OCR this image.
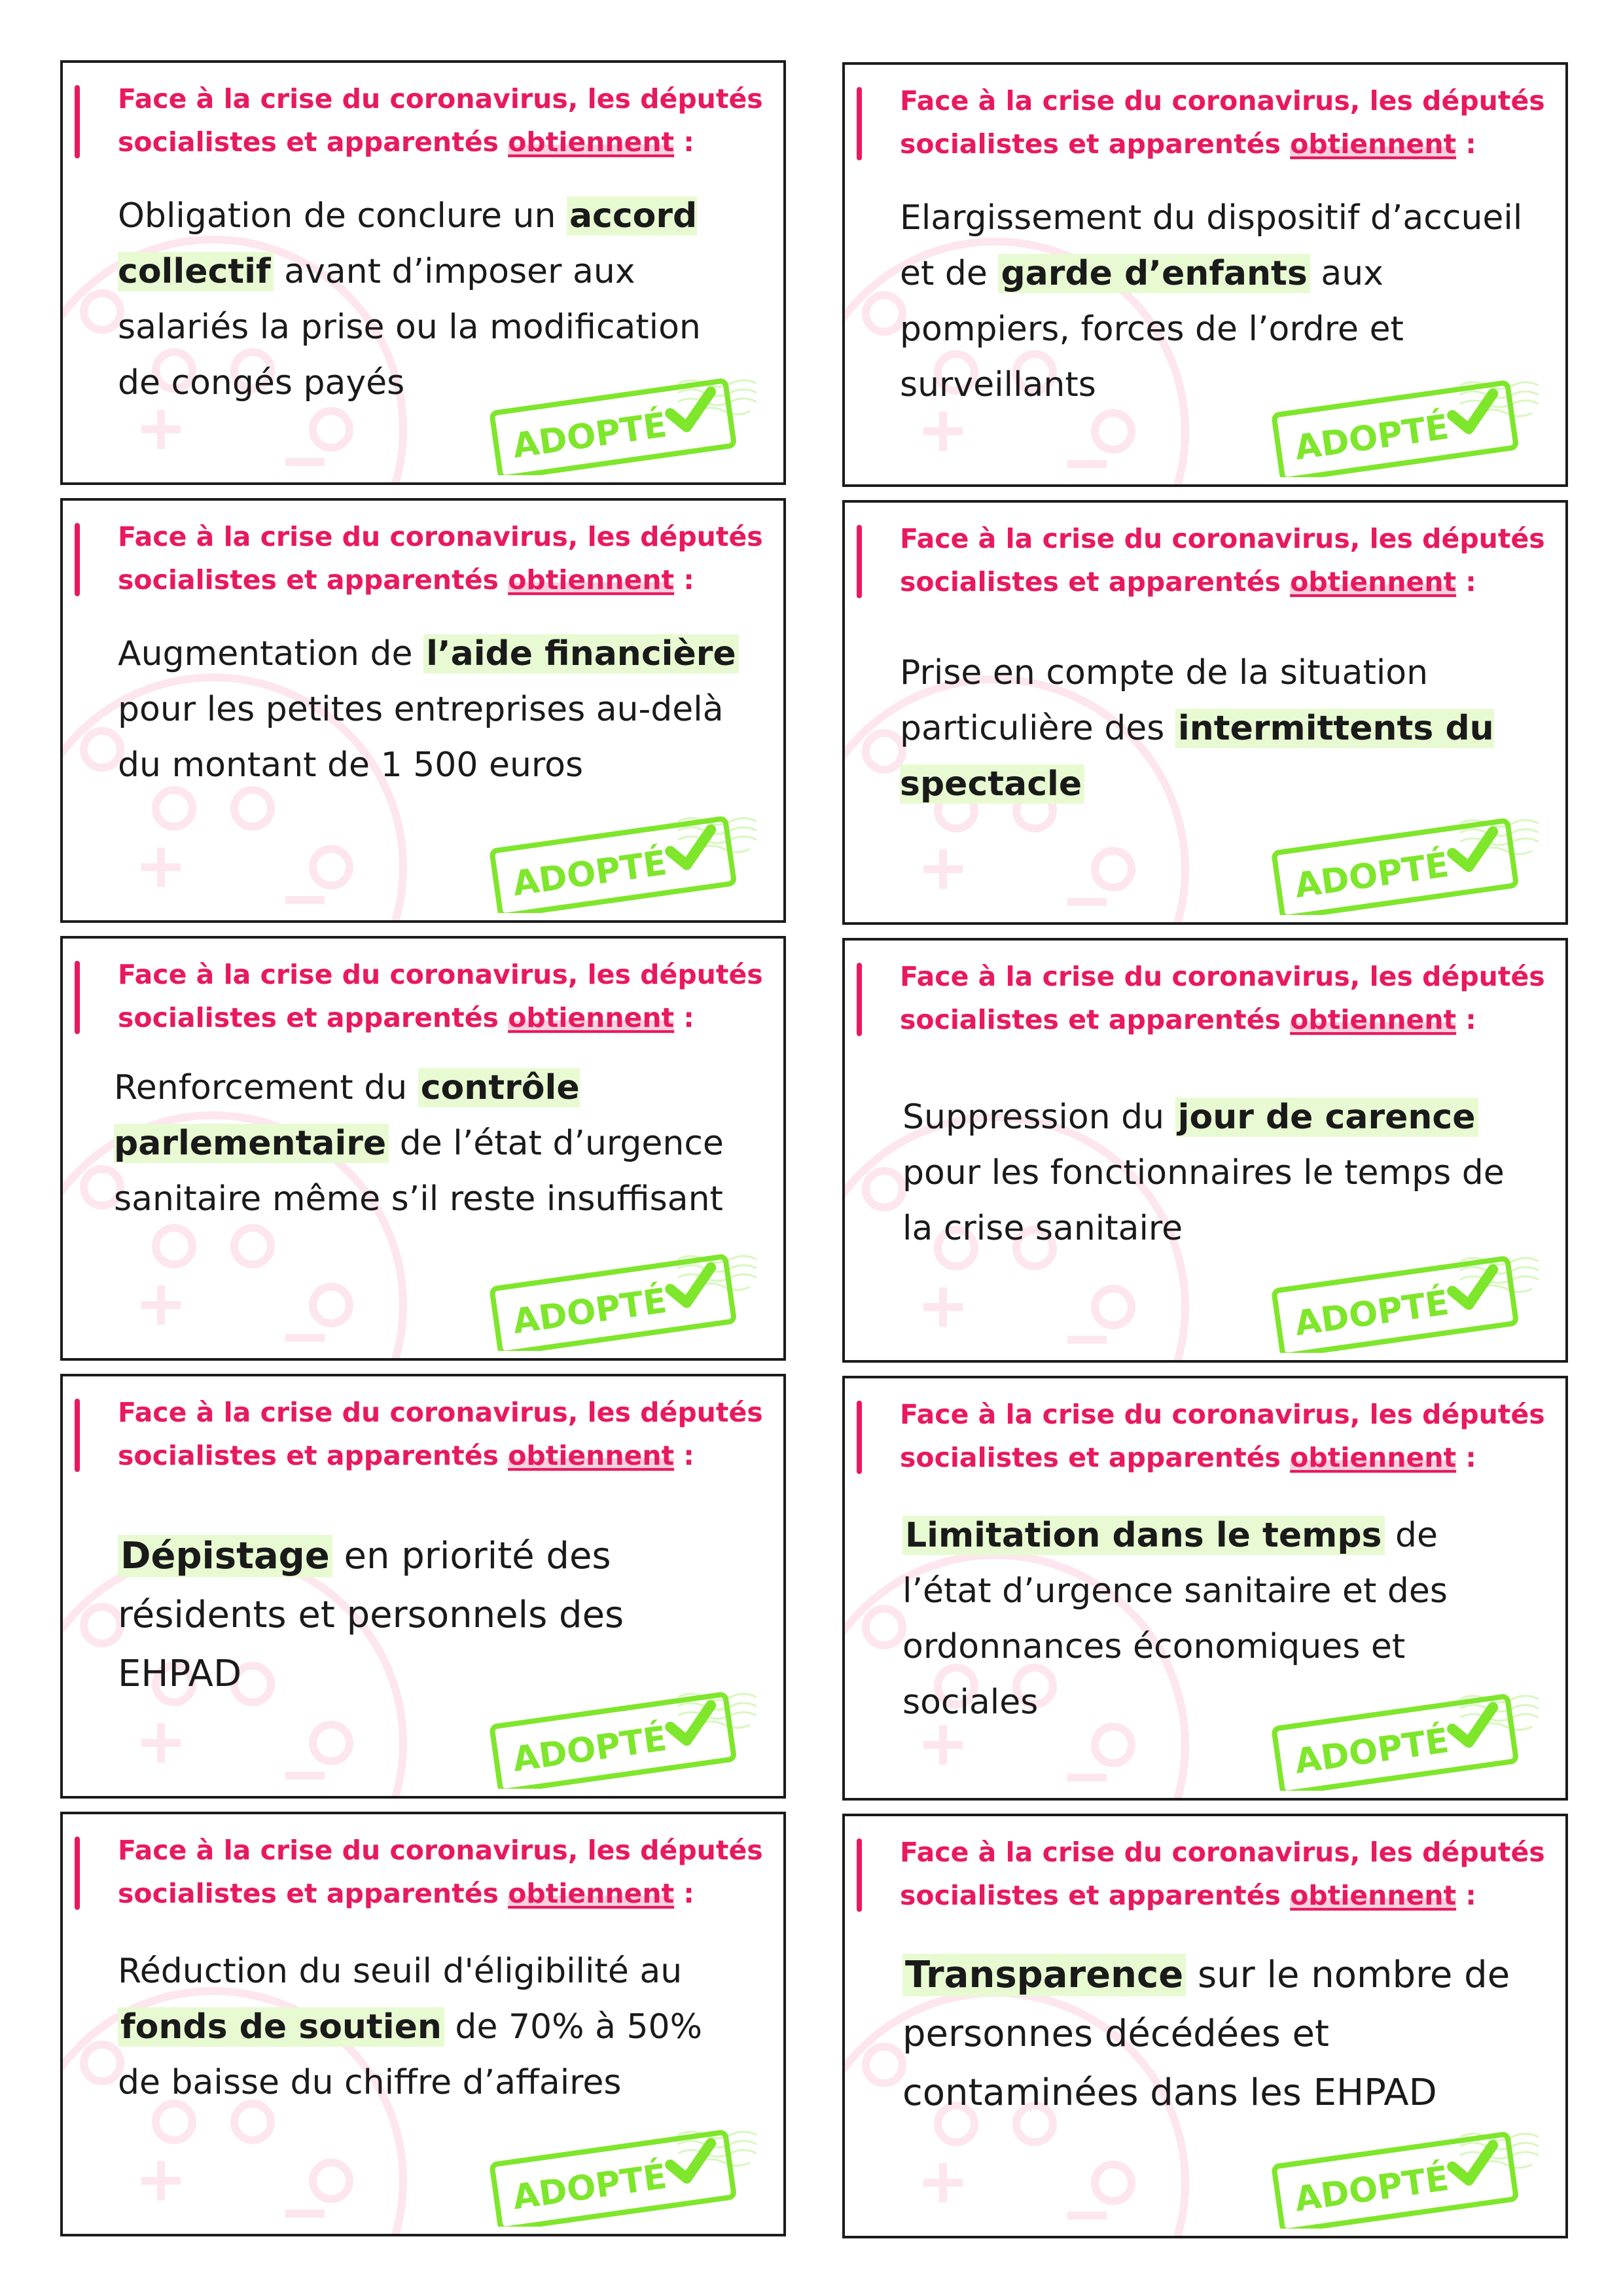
Face à la crise du coronavirus, les députés
socialistes et apparentés obtiennent :
Obligation de conclure un accord collectif avant d’imposer aux salariés la prise ou la modification de congés payés
ADOPTÉ
Face à la crise du coronavirus, les députés
socialistes et apparentés obtiennent :
Elargissement du dispositif d’accueil et de garde d’enfants aux pompiers, forces de l’ordre et surveillants
ADOPTÉ
Face à la crise du coronavirus, les députés
socialistes et apparentés obtiennent :
Augmentation de l’aide financière pour les petites entreprises au-delà du montant de 1 500 euros
ADOPTÉ
Face à la crise du coronavirus, les députés
socialistes et apparentés obtiennent :
Prise en compte de la situation particulière des intermittents du spectacle
ADOPTÉ
Face à la crise du coronavirus, les députés
socialistes et apparentés obtiennent :
Renforcement du contrôle parlementaire de l’état d’urgence sanitaire même s’il reste insuffisant
ADOPTÉ
Face à la crise du coronavirus, les députés
socialistes et apparentés obtiennent :
Suppression du jour de carence pour les fonctionnaires le temps de la crise sanitaire
ADOPTÉ
Face à la crise du coronavirus, les députés
socialistes et apparentés obtiennent :
Dépistage en priorité des résidents et personnels des EHPAD
ADOPTÉ
Face à la crise du coronavirus, les députés
socialistes et apparentés obtiennent :
Limitation dans le temps de l’état d’urgence sanitaire et des ordonnances économiques et sociales
ADOPTÉ
Face à la crise du coronavirus, les députés
socialistes et apparentés obtiennent :
Réduction du seuil d'éligibilité au fonds de soutien de 70% à 50% de baisse du chiffre d’affaires
ADOPTÉ
Face à la crise du coronavirus, les députés
socialistes et apparentés obtiennent :
Transparence sur le nombre de personnes décédées et contaminées dans les EHPAD
ADOPTÉ
